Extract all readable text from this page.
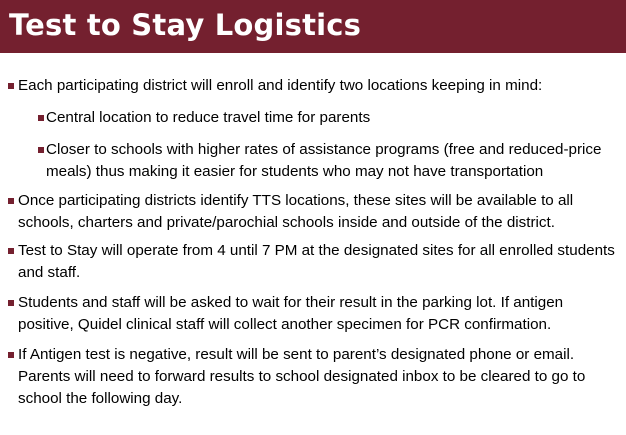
Test to Stay Logistics
Each participating district will enroll and identify two locations keeping in mind:
Central location to reduce travel time for parents
Closer to schools with higher rates of assistance programs (free and reduced-price meals) thus making it easier for students who may not have transportation
Once participating districts identify TTS locations, these sites will be available to all schools, charters and private/parochial schools inside and outside of the district.
Test to Stay will operate from 4 until 7 PM at the designated sites for all enrolled students and staff.
Students and staff will be asked to wait for their result in the parking lot. If antigen positive, Quidel clinical staff will collect another specimen for PCR confirmation.
If Antigen test is negative, result will be sent to parent’s designated phone or email. Parents will need to forward results to school designated inbox to be cleared to go to school the following day.
